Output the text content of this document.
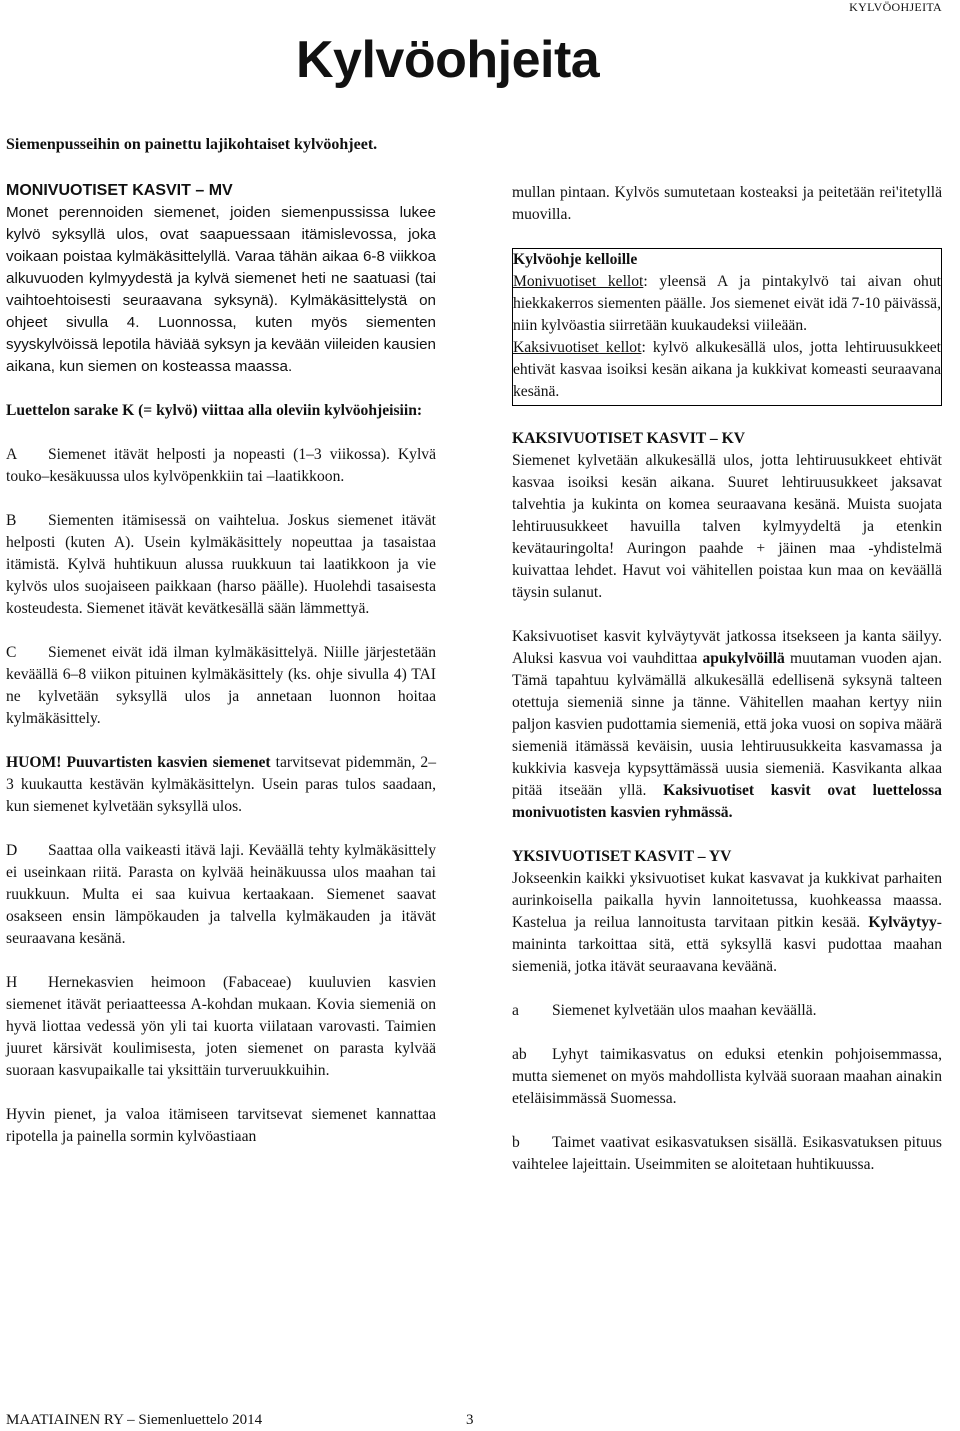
KYLVÖOHJEITA
Kylvöohjeita

Siemenpusseihin on painettu lajikohtaiset kylvöohjeet.

MONIVUOTISET KASVIT – MV

Monet perennoiden siemenet, joiden siemenpussissa lukee kylvö syksyllä ulos, ovat saapuessaan itämislevossa, joka voikaan poistaa kylmäkäsittelyllä. Varaa tähän aikaa 6-8 viikkoa alkuvuoden kylmyydestä ja kylvä siemenet heti ne saatuasi (tai vaihtoehtoisesti seuraavana syksynä). Kylmäkäsittelystä on ohjeet sivulla 4. Luonnossa, kuten myös siementen syyskylvöissä lepotila häviää syksyn ja kevään viileiden kausien aikana, kun siemen on kosteassa maassa.

Luettelon sarake K (= kylvö) viittaa alla oleviin kylvöohjeisiin:

A Siemenet itävät helposti ja nopeasti (1–3 viikossa). Kylvä touko–kesäkuussa ulos kylvöpenkkiin tai –laatikkoon.

B Siementen itämisessä on vaihtelua. Joskus siemenet itävät helposti (kuten A). Usein kylmäkäsittely nopeuttaa ja tasaistaa itämistä. Kylvä huhtikuun alussa ruukkuun tai laatikkoon ja vie kylvös ulos suojaiseen paikkaan (harso päälle). Huolehdi tasaisesta kosteudesta. Siemenet itävät kevätkesällä sään lämmettyä.

C Siemenet eivät idä ilman kylmäkäsittelyä. Niille järjestetään keväällä 6–8 viikon pituinen kylmäkäsittely (ks. ohje sivulla 4) TAI ne kylvetään syksyllä ulos ja annetaan luonnon hoitaa kylmäkäsittely.

HUOM! Puuvartisten kasvien siemenet tarvitsevat pidemmän, 2–3 kuukautta kestävän kylmäkäsittelyn. Usein paras tulos saadaan, kun siemenet kylvetään syksyllä ulos.

D Saattaa olla vaikeasti itävä laji. Keväällä tehty kylmäkäsittely ei useinkaan riitä. Parasta on kylvää heinäkuussa ulos maahan tai ruukkuun. Multa ei saa kuivua kertaakaan. Siemenet saavat osakseen ensin lämpökauden ja talvella kylmäkauden ja itävät seuraavana kesänä.

H Hernekasvien heimoon (Fabaceae) kuuluvien kasvien siemenet itävät periaatteessa A-kohdan mukaan. Kovia siemeniä on hyvä liottaa vedessä yön yli tai kuorta viilataan varovasti. Taimien juuret kärsivät koulimisesta, joten siemenet on parasta kylvää suoraan kasvupaikalle tai yksittäin turveruukkuihin.

Hyvin pienet, ja valoa itämiseen tarvitsevat siemenet kannattaa ripotella ja painella sormin kylvöastiaan

mullan pintaan. Kylvös sumutetaan kosteaksi ja peitetään rei'itetyllä muovilla.

Kylvöohje kelloille

Monivuotiset kellot: yleensä A ja pintakylvö tai aivan ohut hiekkakerros siementen päälle. Jos siemenet eivät idä 7-10 päivässä, niin kylvöastia siirretään kuukaudeksi viileään.

Kaksivuotiset kellot: kylvö alkukesällä ulos, jotta lehtiruusukkeet ehtivät kasvaa isoiksi kesän aikana ja kukkivat komeasti seuraavana kesänä.

KAKSIVUOTISET KASVIT – KV

Siemenet kylvetään alkukesällä ulos, jotta lehtiruusukkeet ehtivät kasvaa isoiksi kesän aikana. Suuret lehtiruusukkeet jaksavat talvehtia ja kukinta on komea seuraavana kesänä. Muista suojata lehtiruusukkeet havuilla talven kylmyydeltä ja etenkin kevätauringolta! Auringon paahde + jäinen maa -yhdistelmä kuivattaa lehdet. Havut voi vähitellen poistaa kun maa on keväällä täysin sulanut.

Kaksivuotiset kasvit kylväytyvät jatkossa itsekseen ja kanta säilyy. Aluksi kasvua voi vauhdittaa apukylvöillä muutaman vuoden ajan. Tämä tapahtuu kylvämällä alkukesällä edellisenä syksynä talteen otettuja siemeniä sinne ja tänne. Vähitellen maahan kertyy niin paljon kasvien pudottamia siemeniä, että joka vuosi on sopiva määrä siemeniä itämässä keväisin, uusia lehtiruusukkeita kasvamassa ja kukkivia kasveja kypsyttämässä uusia siemeniä. Kasvikanta alkaa pitää itseään yllä. Kaksivuotiset kasvit ovat luettelossa monivuotisten kasvien ryhmässä.

YKSIVUOTISET KASVIT – YV

Jokseenkin kaikki yksivuotiset kukat kasvavat ja kukkivat parhaiten aurinkoisella paikalla hyvin lannoitetussa, kuohkeassa maassa. Kastelua ja reilua lannoitusta tarvitaan pitkin kesää. Kylväytyy-maininta tarkoittaa sitä, että syksyllä kasvi pudottaa maahan siemeniä, jotka itävät seuraavana keväänä.

a Siemenet kylvetään ulos maahan keväällä.

ab Lyhyt taimikasvatus on eduksi etenkin pohjoisemmassa, mutta siemenet on myös mahdollista kylvää suoraan maahan ainakin eteläisimmässä Suomessa.

b Taimet vaativat esikasvatuksen sisällä. Esikasvatuksen pituus vaihtelee lajeittain. Useimmiten se aloitetaan huhtikuussa.

MAATIAINEN RY – Siemenluettelo 2014	3
